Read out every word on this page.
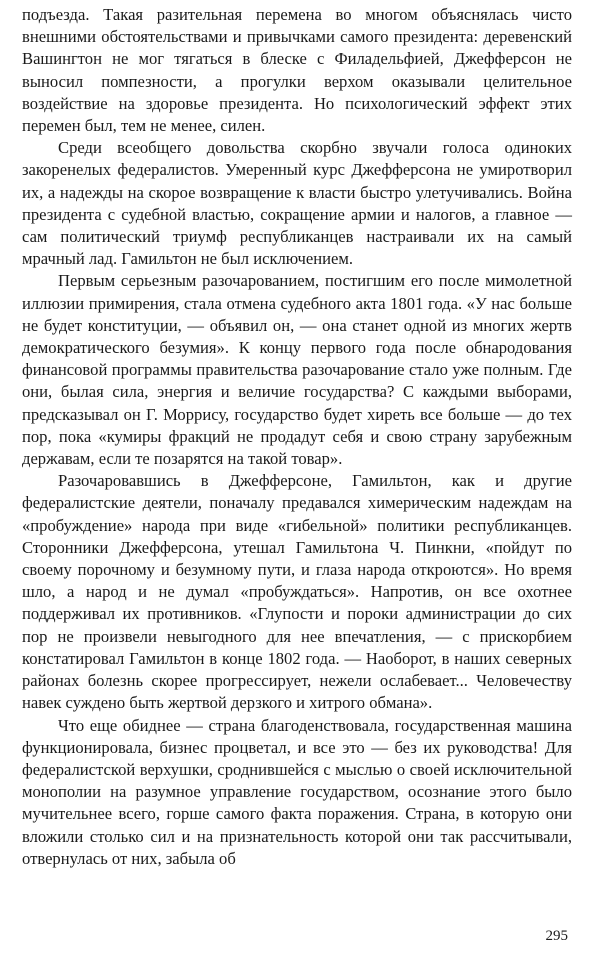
подъезда. Такая разительная перемена во многом объяснялась чисто внешними обстоятельствами и привычками самого президента: деревенский Вашингтон не мог тягаться в блеске с Филадельфией, Джефферсон не выносил помпезности, а прогулки верхом оказывали целительное воздействие на здоровье президента. Но психологический эффект этих перемен был, тем не менее, силен.

Среди всеобщего довольства скорбно звучали голоса одиноких закоренелых федералистов. Умеренный курс Джефферсона не умиротворил их, а надежды на скорое возвращение к власти быстро улетучивались. Война президента с судебной властью, сокращение армии и налогов, а главное — сам политический триумф республиканцев настраивали их на самый мрачный лад. Гамильтон не был исключением.

Первым серьезным разочарованием, постигшим его после мимолетной иллюзии примирения, стала отмена судебного акта 1801 года. «У нас больше не будет конституции, — объявил он, — она станет одной из многих жертв демократического безумия». К концу первого года после обнародования финансовой программы правительства разочарование стало уже полным. Где они, былая сила, энергия и величие государства? С каждыми выборами, предсказывал он Г. Моррису, государство будет хиреть все больше — до тех пор, пока «кумиры фракций не продадут себя и свою страну зарубежным державам, если те позарятся на такой товар».

Разочаровавшись в Джефферсоне, Гамильтон, как и другие федералистские деятели, поначалу предавался химерическим надеждам на «пробуждение» народа при виде «гибельной» политики республиканцев. Сторонники Джефферсона, утешал Гамильтона Ч. Пинкни, «пойдут по своему порочному и безумному пути, и глаза народа откроются». Но время шло, а народ и не думал «пробуждаться». Напротив, он все охотнее поддерживал их противников. «Глупости и пороки администрации до сих пор не произвели невыгодного для нее впечатления, — с прискорбием констатировал Гамильтон в конце 1802 года. — Наоборот, в наших северных районах болезнь скорее прогрессирует, нежели ослабевает... Человечеству навек суждено быть жертвой дерзкого и хитрого обмана».

Что еще обиднее — страна благоденствовала, государственная машина функционировала, бизнес процветал, и все это — без их руководства! Для федералистской верхушки, сроднившейся с мыслью о своей исключительной монополии на разумное управление государством, осознание этого было мучительнее всего, горше самого факта поражения. Страна, в которую они вложили столько сил и на признательность которой они так рассчитывали, отвернулась от них, забыла об

295
